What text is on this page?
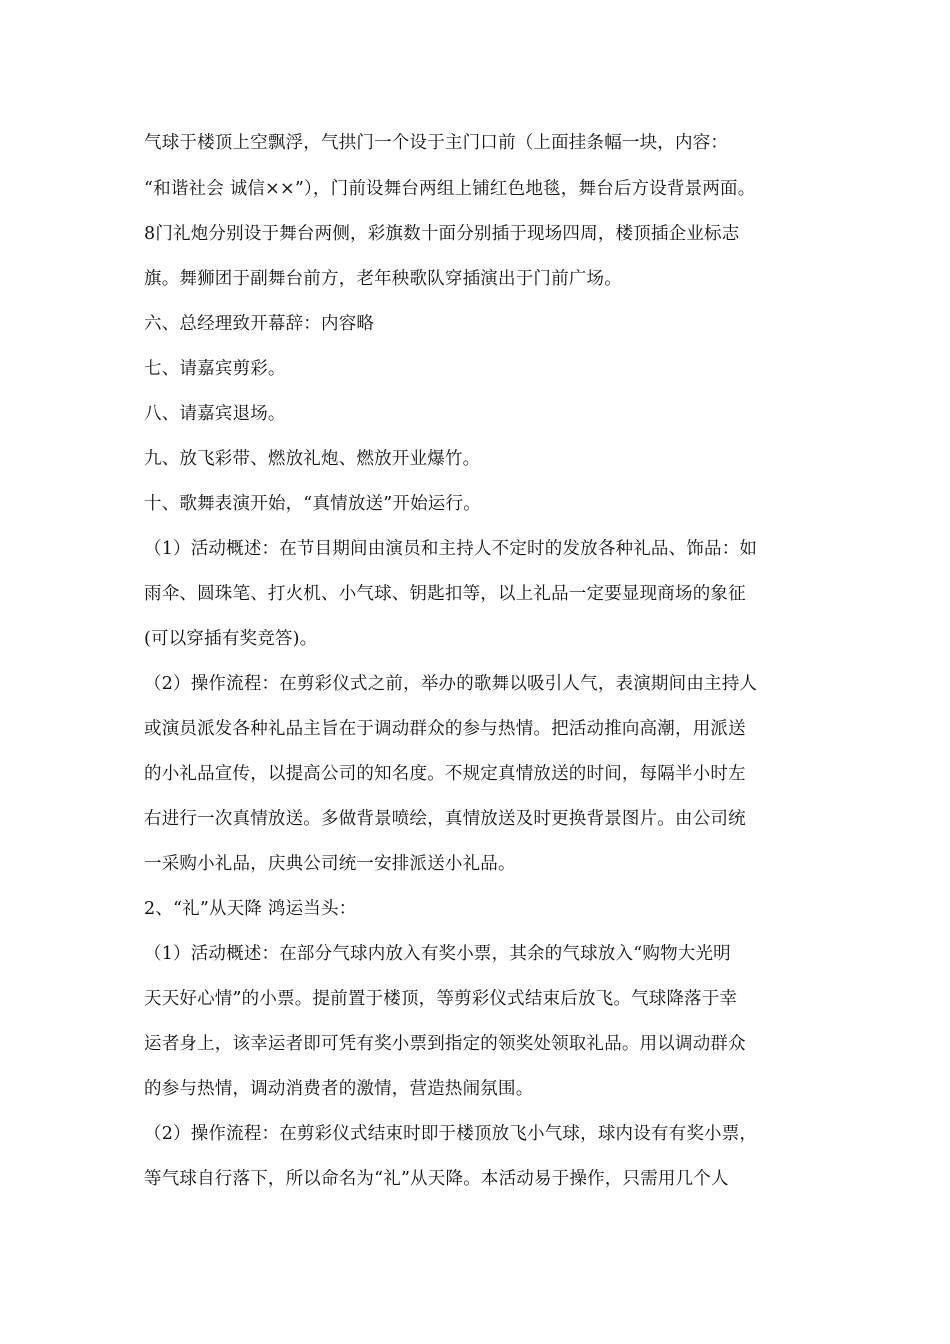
气球于楼顶上空飘浮，气拱门一个设于主门口前（上面挂条幅一块，内容：
“和谐社会 诚信××”），门前设舞台两组上铺红色地毯，舞台后方设背景两面。
8门礼炮分别设于舞台两侧，彩旗数十面分别插于现场四周，楼顶插企业标志
旗。舞狮团于副舞台前方，老年秧歌队穿插演出于门前广场。
六、总经理致开幕辞：内容略
七、请嘉宾剪彩。
八、请嘉宾退场。
九、放飞彩带、燃放礼炮、燃放开业爆竹。
十、歌舞表演开始，“真情放送”开始运行。
（1）活动概述：在节目期间由演员和主持人不定时的发放各种礼品、饰品：如
雨伞、圆珠笔、打火机、小气球、钥匙扣等，以上礼品一定要显现商场的象征
(可以穿插有奖竞答)。
（2）操作流程：在剪彩仪式之前，举办的歌舞以吸引人气，表演期间由主持人
或演员派发各种礼品主旨在于调动群众的参与热情。把活动推向高潮，用派送
的小礼品宣传，以提高公司的知名度。不规定真情放送的时间，每隔半小时左
右进行一次真情放送。多做背景喷绘，真情放送及时更换背景图片。由公司统
一采购小礼品，庆典公司统一安排派送小礼品。
2、“礼”从天降 鸿运当头：
（1）活动概述：在部分气球内放入有奖小票，其余的气球放入“购物大光明
天天好心情”的小票。提前置于楼顶，等剪彩仪式结束后放飞。气球降落于幸
运者身上，该幸运者即可凭有奖小票到指定的领奖处领取礼品。用以调动群众
的参与热情，调动消费者的激情，营造热闹氛围。
（2）操作流程：在剪彩仪式结束时即于楼顶放飞小气球，球内设有有奖小票，
等气球自行落下，所以命名为“礼”从天降。本活动易于操作，只需用几个人
